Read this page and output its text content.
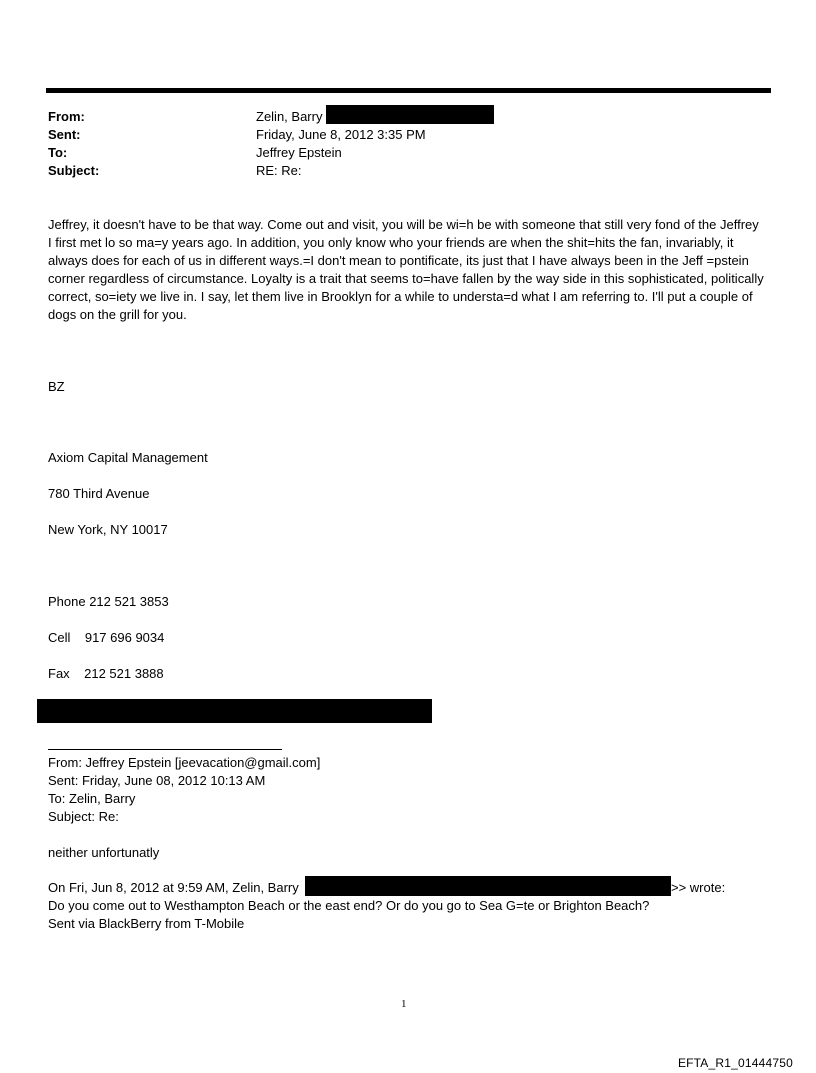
From:	Zelin, Barry
Sent:	Friday, June 8, 2012 3:35 PM
To:	Jeffrey Epstein
Subject:	RE: Re:
Jeffrey, it doesn't have to be that way. Come out and visit, you will be wi=h be with someone that still very fond of the Jeffrey I first met lo so ma=y years ago. In addition, you only know who your friends are when the shit=hits the fan, invariably, it always does for each of us in different ways.=I don't mean to pontificate, its just that I have always been in the Jeff =pstein corner regardless of circumstance. Loyalty is a trait that seems to=have fallen by the way side in this sophisticated, politically correct, so=iety we live in. I say, let them live in Brooklyn for a while to understa=d what I am referring to. I'll put a couple of dogs on the grill for you.
BZ
Axiom Capital Management
780 Third Avenue
New York, NY 10017
Phone 212 521 3853
Cell    917 696 9034
Fax    212 521 3888
From: Jeffrey Epstein [jeevacation@gmail.com]
Sent: Friday, June 08, 2012 10:13 AM
To: Zelin, Barry
Subject: Re:
neither unfortunatly
On Fri, Jun 8, 2012 at 9:59 AM, Zelin, Barry	>> wrote:
Do you come out to Westhampton Beach or the east end? Or do you go to Sea G=te or Brighton Beach?
Sent via BlackBerry from T-Mobile
1
EFTA_R1_01444750
